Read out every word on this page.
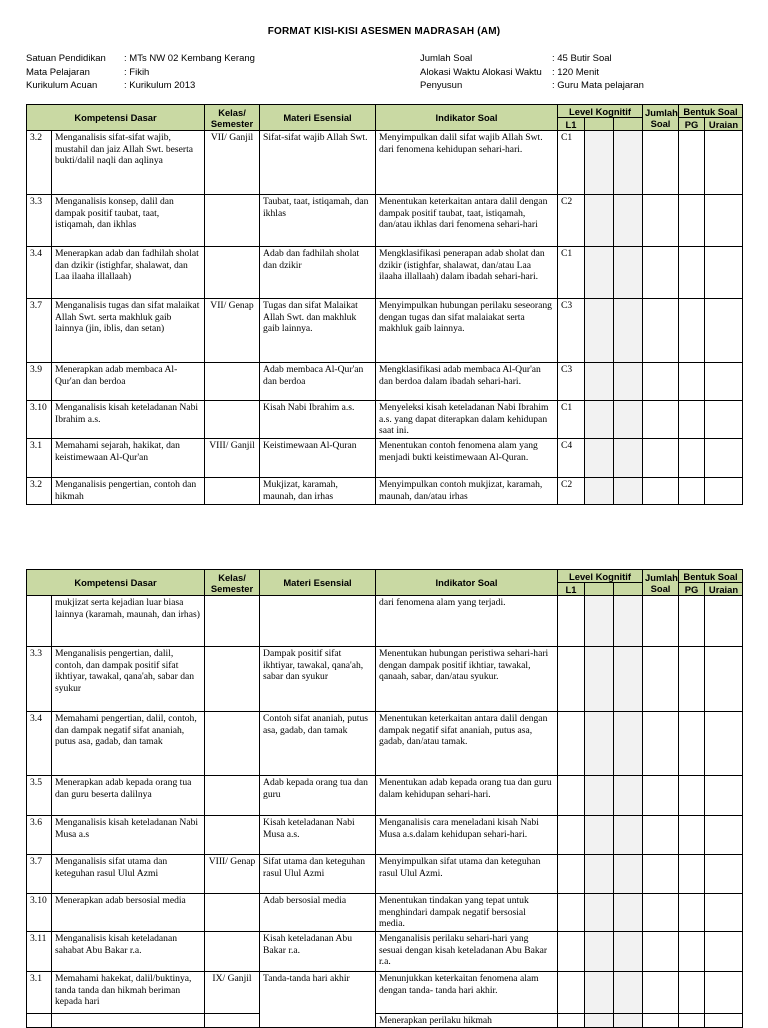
FORMAT KISI-KISI ASESMEN MADRASAH (AM)
Satuan Pendidikan : MTs NW 02 Kembang Kerang
Mata Pelajaran	: Fikih
Kurikulum Acuan	: Kurikulum 2013
Jumlah Soal	: 45 Butir Soal
Alokasi Waktu Alokasi Waktu : 120 Menit
Penyusun	: Guru Mata pelajaran
Kompetensi Dasar		Kelas/ Semester	Materi Esensial	Indikator Soal	Level Kognitif			Jumlah Soal	Bentuk Soal	
					L1				PG	Uraian
3.2	Menganalisis sifat-sifat wajib, mustahil dan jaiz Allah Swt. beserta bukti/dalil naqli dan aqlinya	VII/ Ganjil	Sifat-sifat wajib Allah Swt.	Menyimpulkan dalil sifat wajib Allah Swt. dari fenomena kehidupan sehari-hari.	C1					
3.3	Menganalisis konsep, dalil dan dampak positif taubat, taat, istiqamah, dan ikhlas		Taubat, taat, istiqamah, dan ikhlas	Menentukan keterkaitan antara dalil dengan dampak positif taubat, taat, istiqamah, dan/atau ikhlas dari fenomena sehari-hari	C2					
3.4	Menerapkan adab dan fadhilah sholat dan dzikir (istighfar, shalawat, dan Laa ilaaha illallaah)		Adab dan fadhilah sholat dan dzikir	Mengklasifikasi penerapan adab sholat dan dzikir (istighfar, shalawat, dan/atau Laa ilaaha illallaah) dalam ibadah sehari-hari.	C1					
3.7	Menganalisis tugas dan sifat malaikat Allah Swt. serta makhluk gaib lainnya (jin, iblis, dan setan)	VII/ Genap	Tugas dan sifat Malaikat Allah Swt. dan makhluk gaib lainnya.	Menyimpulkan hubungan perilaku seseorang dengan tugas dan sifat malaiakat serta makhluk gaib lainnya.	C3					
3.9	Menerapkan adab membaca Al- Qur'an dan berdoa		Adab membaca Al-Qur'an dan berdoa	Mengklasifikasi adab membaca Al-Qur'an dan berdoa dalam ibadah sehari-hari.	C3					
3.10	Menganalisis kisah keteladanan Nabi Ibrahim a.s.		Kisah Nabi Ibrahim a.s.	Menyeleksi kisah keteladanan Nabi Ibrahim a.s. yang dapat diterapkan dalam kehidupan saat ini.	C1					
3.1	Memahami sejarah, hakikat, dan keistimewaan Al-Qur'an	VIII/ Ganjil	Keistimewaan Al-Quran	Menentukan contoh fenomena alam yang menjadi bukti keistimewaan Al-Quran.	C4					
3.2	Menganalisis pengertian, contoh dan hikmah		Mukjizat, karamah, maunah, dan irhas	Menyimpulkan contoh mukjizat, karamah, maunah, dan/atau irhas	C2					
Kompetensi Dasar		Kelas/ Semester	Materi Esensial	Indikator Soal	Level Kognitif			Jumlah Soal	Bentuk Soal	
					L1				PG	Uraian
	mukjizat serta kejadian luar biasa lainnya (karamah, maunah, dan irhas)			dari fenomena alam yang terjadi.						
3.3	Menganalisis pengertian, dalil, contoh, dan dampak positif sifat ikhtiyar, tawakal, qana'ah, sabar dan syukur		Dampak positif sifat ikhtiyar, tawakal, qana'ah, sabar dan syukur	Menentukan hubungan peristiwa sehari-hari dengan dampak positif ikhtiar, tawakal, qanaah, sabar, dan/atau syukur.						
3.4	Memahami pengertian, dalil, contoh, dan dampak negatif sifat ananiah, putus asa, gadab, dan tamak		Contoh sifat ananiah, putus asa, gadab, dan tamak	Menentukan keterkaitan antara dalil dengan dampak negatif sifat ananiah, putus asa, gadab, dan/atau tamak.						
3.5	Menerapkan adab kepada orang tua dan guru beserta dalilnya		Adab kepada orang tua dan guru	Menentukan adab kepada orang tua dan guru dalam kehidupan sehari-hari.						
3.6	Menganalisis kisah keteladanan Nabi Musa a.s		Kisah keteladanan Nabi Musa a.s.	Menganalisis cara meneladani kisah Nabi Musa a.s.dalam kehidupan sehari-hari.						
3.7	Menganalisis sifat utama dan keteguhan rasul Ulul Azmi	VIII/ Genap	Sifat utama dan keteguhan rasul Ulul Azmi	Menyimpulkan sifat utama dan keteguhan rasul Ulul Azmi.						
3.10	Menerapkan adab bersosial media		Adab bersosial media	Menentukan tindakan yang tepat untuk menghindari dampak negatif bersosial media.						
3.11	Menganalisis kisah keteladanan sahabat Abu Bakar r.a.		Kisah keteladanan Abu Bakar r.a.	Menganalisis perilaku sehari-hari yang sesuai dengan kisah keteladanan Abu Bakar r.a.						
3.1	Memahami hakekat, dalil/buktinya, tanda tanda dan hikmah beriman kepada hari	IX/ Ganjil	Tanda-tanda hari akhir	Menunjukkan keterkaitan fenomena alam dengan tanda- tanda hari akhir.						
				Menerapkan perilaku hikmah						
